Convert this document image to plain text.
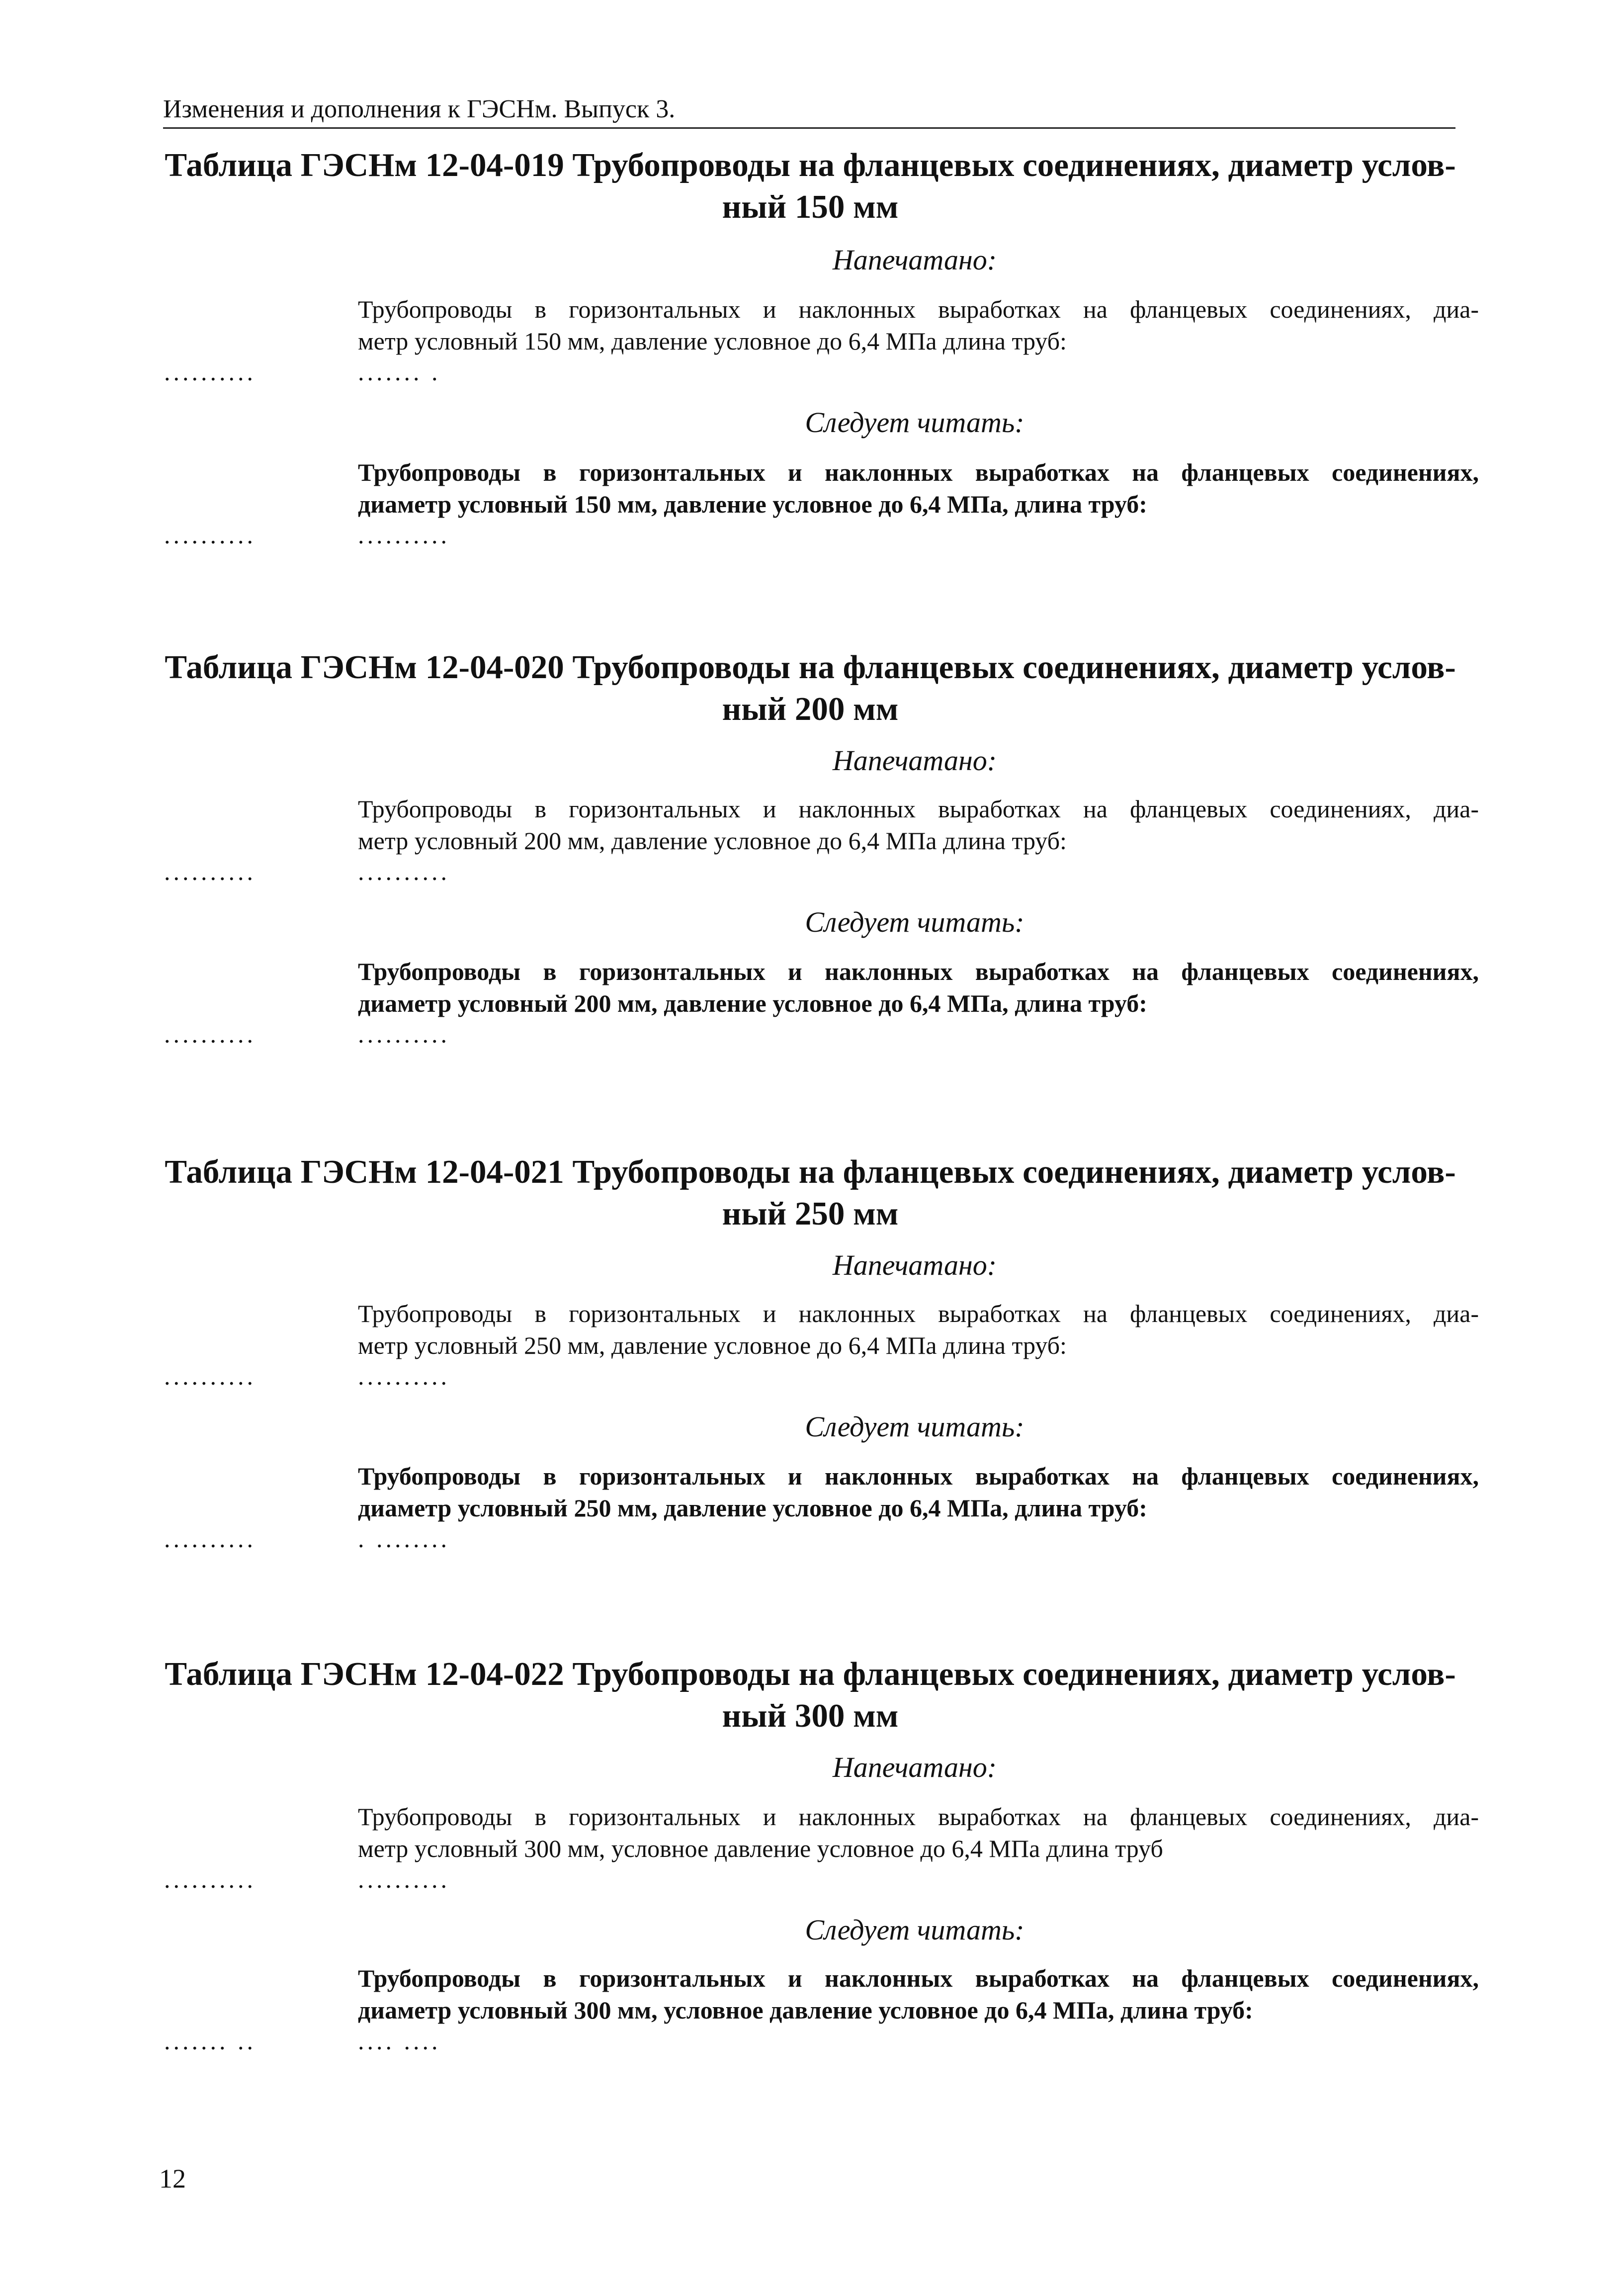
Изменения и дополнения к ГЭСНм. Выпуск 3.
Таблица ГЭСНм 12-04-019 Трубопроводы на фланцевых соединениях, диаметр услов-
ный 150 мм
Напечатано:
Трубопроводы в горизонтальных и наклонных выработках на фланцевых соединениях, диа-
метр условный 150 мм, давление условное до 6,4 МПа длина труб:
..........	....... .
Следует читать:
Трубопроводы в горизонтальных и наклонных выработках на фланцевых соединениях,
диаметр условный 150 мм, давление условное до 6,4 МПа, длина труб:
..........	..........
Таблица ГЭСНм 12-04-020 Трубопроводы на фланцевых соединениях, диаметр услов-
ный 200 мм
Напечатано:
Трубопроводы в горизонтальных и наклонных выработках на фланцевых соединениях, диа-
метр условный 200 мм, давление условное до 6,4 МПа длина труб:
..........	..........
Следует читать:
Трубопроводы в горизонтальных и наклонных выработках на фланцевых соединениях,
диаметр условный 200 мм, давление условное до 6,4 МПа, длина труб:
..........	..........
Таблица ГЭСНм 12-04-021 Трубопроводы на фланцевых соединениях, диаметр услов-
ный 250 мм
Напечатано:
Трубопроводы в горизонтальных и наклонных выработках на фланцевых соединениях, диа-
метр условный 250 мм, давление условное до 6,4 МПа длина труб:
..........	..........
Следует читать:
Трубопроводы в горизонтальных и наклонных выработках на фланцевых соединениях,
диаметр условный 250 мм, давление условное до 6,4 МПа, длина труб:
..........	. ........
Таблица ГЭСНм 12-04-022 Трубопроводы на фланцевых соединениях, диаметр услов-
ный 300 мм
Напечатано:
Трубопроводы в горизонтальных и наклонных выработках на фланцевых соединениях, диа-
метр условный 300 мм, условное давление условное до 6,4 МПа длина труб
..........	..........
Следует читать:
Трубопроводы в горизонтальных и наклонных выработках на фланцевых соединениях,
диаметр условный 300 мм, условное давление условное до 6,4 МПа, длина труб:
....... ..	.... ....
12
